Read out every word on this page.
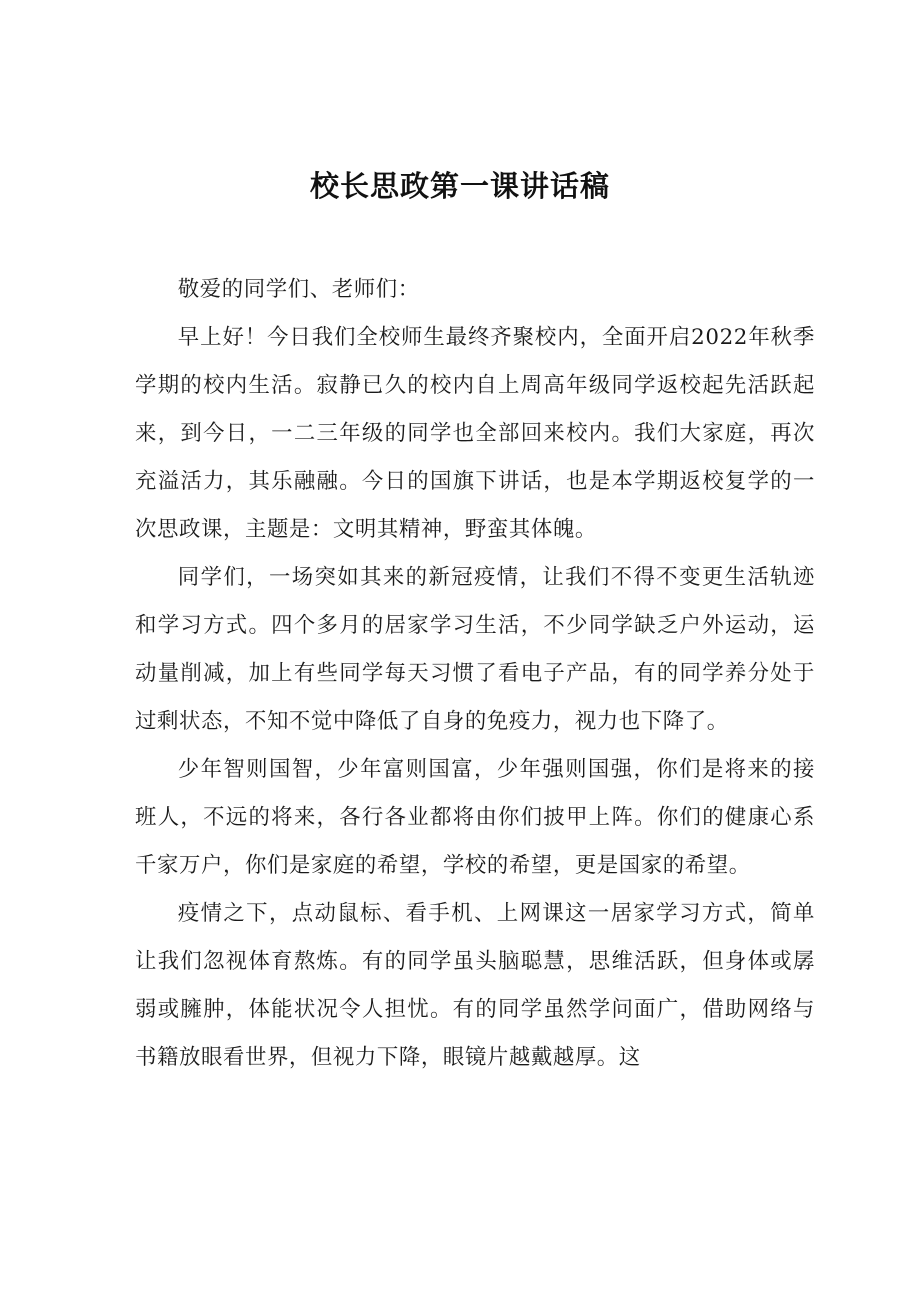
校长思政第一课讲话稿

敬爱的同学们、老师们：

早上好！今日我们全校师生最终齐聚校内，全面开启2022年秋季学期的校内生活。寂静已久的校内自上周高年级同学返校起先活跃起来，到今日，一二三年级的同学也全部回来校内。我们大家庭，再次充溢活力，其乐融融。今日的国旗下讲话，也是本学期返校复学的一次思政课，主题是：文明其精神，野蛮其体魄。

同学们，一场突如其来的新冠疫情，让我们不得不变更生活轨迹和学习方式。四个多月的居家学习生活，不少同学缺乏户外运动，运动量削减，加上有些同学每天习惯了看电子产品，有的同学养分处于过剩状态，不知不觉中降低了自身的免疫力，视力也下降了。

少年智则国智，少年富则国富，少年强则国强，你们是将来的接班人，不远的将来，各行各业都将由你们披甲上阵。你们的健康心系千家万户，你们是家庭的希望，学校的希望，更是国家的希望。

疫情之下，点动鼠标、看手机、上网课这一居家学习方式，简单让我们忽视体育熬炼。有的同学虽头脑聪慧，思维活跃，但身体或孱弱或臃肿，体能状况令人担忧。有的同学虽然学问面广，借助网络与书籍放眼看世界，但视力下降，眼镜片越戴越厚。这
